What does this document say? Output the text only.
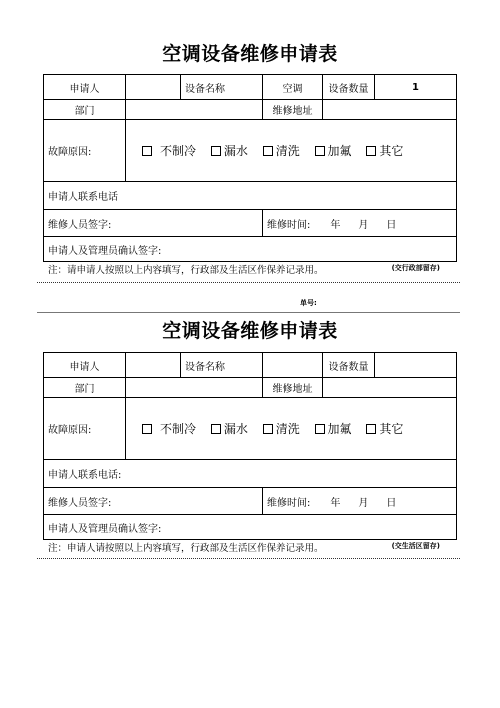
空调设备维修申请表
申请人		设备名称	空调	设备数量	1
部门			维修地址		
故障原因:	不制冷 漏水 清洗 加氟 其它				
申请人联系电话					
维修人员签字:			维修时间: 年 月 日		
申请人及管理员确认签字:					
注：请申请人按照以上内容填写，行政部及生活区作保养记录用。	(交行政部留存)
单号:
空调设备维修申请表
申请人		设备名称		设备数量	
部门			维修地址		
故障原因:	不制冷 漏水 清洗 加氟 其它				
申请人联系电话:					
维修人员签字:			维修时间: 年 月 日		
申请人及管理员确认签字:					
注：申请人请按照以上内容填写，行政部及生活区作保养记录用。	(交生活区留存)
